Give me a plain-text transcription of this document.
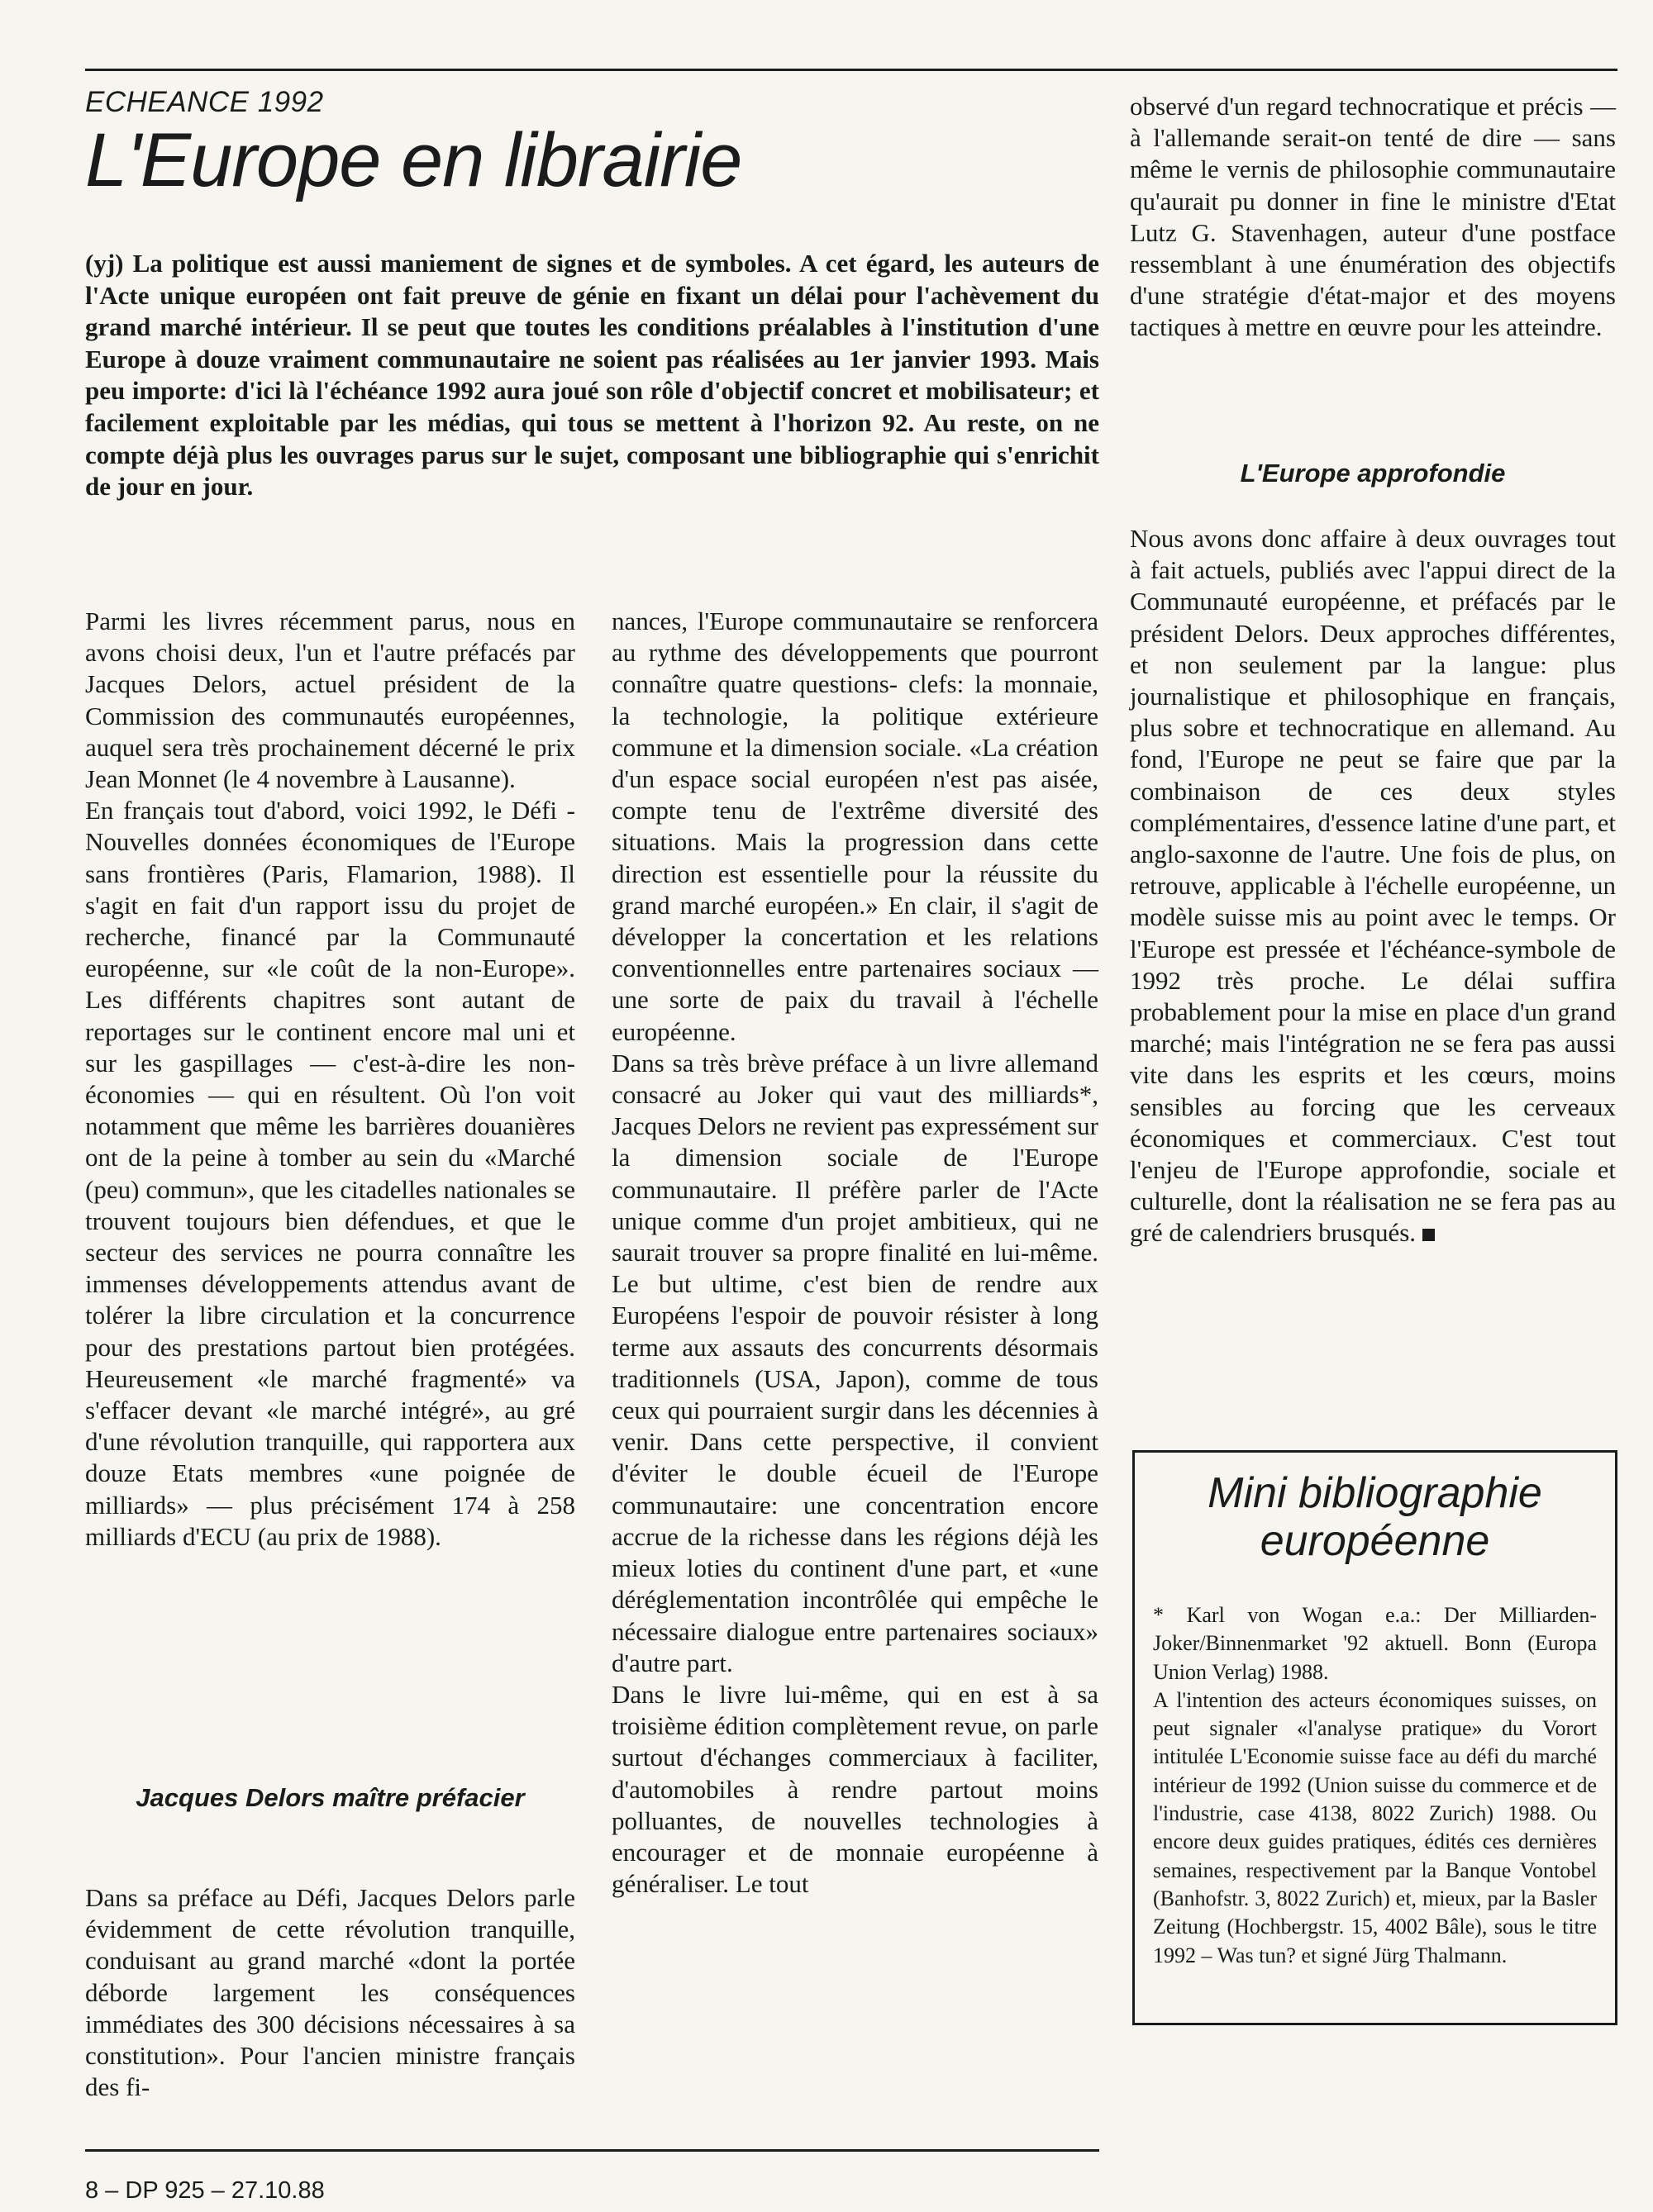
ECHEANCE 1992
L'Europe en librairie

(yj) La politique est aussi maniement de signes et de symboles. A cet égard, les auteurs de l'Acte unique européen ont fait preuve de génie en fixant un délai pour l'achèvement du grand marché intérieur. Il se peut que toutes les conditions préalables à l'institution d'une Europe à douze vraiment communautaire ne soient pas réalisées au 1er janvier 1993. Mais peu importe: d'ici là l'échéance 1992 aura joué son rôle d'objectif concret et mobilisateur; et facilement exploitable par les médias, qui tous se mettent à l'horizon 92. Au reste, on ne compte déjà plus les ouvrages parus sur le sujet, composant une bibliographie qui s'enrichit de jour en jour.

Parmi les livres récemment parus, nous en avons choisi deux, l'un et l'autre préfacés par Jacques Delors, actuel président de la Commission des communautés européennes, auquel sera très prochainement décerné le prix Jean Monnet (le 4 novembre à Lausanne).

En français tout d'abord, voici 1992, le Défi - Nouvelles données économiques de l'Europe sans frontières (Paris, Flamarion, 1988). Il s'agit en fait d'un rapport issu du projet de recherche, financé par la Communauté européenne, sur «le coût de la non-Europe». Les différents chapitres sont autant de reportages sur le continent encore mal uni et sur les gaspillages — c'est-à-dire les non-économies — qui en résultent. Où l'on voit notamment que même les barrières douanières ont de la peine à tomber au sein du «Marché (peu) commun», que les citadelles nationales se trouvent toujours bien défendues, et que le secteur des services ne pourra connaître les immenses développements attendus avant de tolérer la libre circulation et la concurrence pour des prestations partout bien protégées. Heureusement «le marché fragmenté» va s'effacer devant «le marché intégré», au gré d'une révolution tranquille, qui rapportera aux douze Etats membres «une poignée de milliards» — plus précisément 174 à 258 milliards d'ECU (au prix de 1988).

Jacques Delors maître préfacier

Dans sa préface au Défi, Jacques Delors parle évidemment de cette révolution tranquille, conduisant au grand marché «dont la portée déborde largement les conséquences immédiates des 300 décisions nécessaires à sa constitution». Pour l'ancien ministre français des fi-

nances, l'Europe communautaire se renforcera au rythme des développements que pourront connaître quatre questions- clefs: la monnaie, la technologie, la politique extérieure commune et la dimension sociale. «La création d'un espace social européen n'est pas aisée, compte tenu de l'extrême diversité des situations. Mais la progression dans cette direction est essentielle pour la réussite du grand marché européen.» En clair, il s'agit de développer la concertation et les relations conventionnelles entre partenaires sociaux — une sorte de paix du travail à l'échelle européenne.

Dans sa très brève préface à un livre allemand consacré au Joker qui vaut des milliards*, Jacques Delors ne revient pas expressément sur la dimension sociale de l'Europe communautaire. Il préfère parler de l'Acte unique comme d'un projet ambitieux, qui ne saurait trouver sa propre finalité en lui-même. Le but ultime, c'est bien de rendre aux Européens l'espoir de pouvoir résister à long terme aux assauts des concurrents désormais traditionnels (USA, Japon), comme de tous ceux qui pourraient surgir dans les décennies à venir. Dans cette perspective, il convient d'éviter le double écueil de l'Europe communautaire: une concentration encore accrue de la richesse dans les régions déjà les mieux loties du continent d'une part, et «une déréglementation incontrôlée qui empêche le nécessaire dialogue entre partenaires sociaux» d'autre part.

Dans le livre lui-même, qui en est à sa troisième édition complètement revue, on parle surtout d'échanges commerciaux à faciliter, d'automobiles à rendre partout moins polluantes, de nouvelles technologies à encourager et de monnaie européenne à généraliser. Le tout

observé d'un regard technocratique et précis — à l'allemande serait-on tenté de dire — sans même le vernis de philosophie communautaire qu'aurait pu donner in fine le ministre d'Etat Lutz G. Stavenhagen, auteur d'une postface ressemblant à une énumération des objectifs d'une stratégie d'état-major et des moyens tactiques à mettre en œuvre pour les atteindre.

L'Europe approfondie

Nous avons donc affaire à deux ouvrages tout à fait actuels, publiés avec l'appui direct de la Communauté européenne, et préfacés par le président Delors. Deux approches différentes, et non seulement par la langue: plus journalistique et philosophique en français, plus sobre et technocratique en allemand. Au fond, l'Europe ne peut se faire que par la combinaison de ces deux styles complémentaires, d'essence latine d'une part, et anglo-saxonne de l'autre. Une fois de plus, on retrouve, applicable à l'échelle européenne, un modèle suisse mis au point avec le temps. Or l'Europe est pressée et l'échéance-symbole de 1992 très proche. Le délai suffira probablement pour la mise en place d'un grand marché; mais l'intégration ne se fera pas aussi vite dans les esprits et les cœurs, moins sensibles au forcing que les cerveaux économiques et commerciaux. C'est tout l'enjeu de l'Europe approfondie, sociale et culturelle, dont la réalisation ne se fera pas au gré de calendriers brusqués.

Mini bibliographie européenne

* Karl von Wogan e.a.: Der Milliarden-Joker/Binnenmarket '92 aktuell. Bonn (Europa Union Verlag) 1988.

A l'intention des acteurs économiques suisses, on peut signaler «l'analyse pratique» du Vorort intitulée L'Economie suisse face au défi du marché intérieur de 1992 (Union suisse du commerce et de l'industrie, case 4138, 8022 Zurich) 1988. Ou encore deux guides pratiques, édités ces dernières semaines, respectivement par la Banque Vontobel (Banhofstr. 3, 8022 Zurich) et, mieux, par la Basler Zeitung (Hochbergstr. 15, 4002 Bâle), sous le titre 1992 – Was tun? et signé Jürg Thalmann.

8 – DP 925 – 27.10.88
